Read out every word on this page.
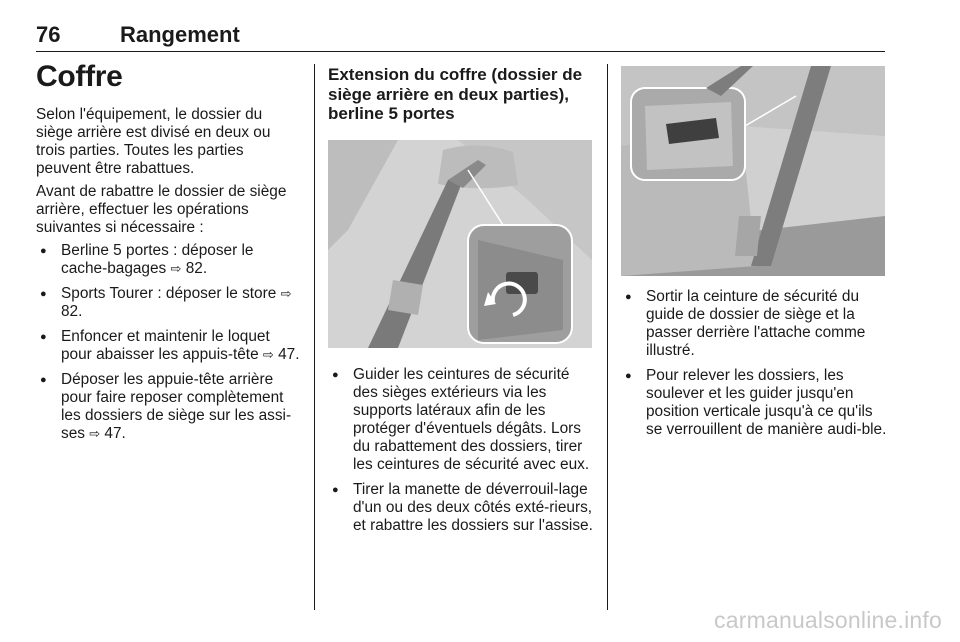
76	Rangement
Coffre

Selon l'équipement, le dossier du siège arrière est divisé en deux ou trois parties. Toutes les parties peuvent être rabattues.

Avant de rabattre le dossier de siège arrière, effectuer les opérations suivantes si nécessaire :

● Berline 5 portes : déposer le cache-bagages ⇨ 82.
● Sports Tourer : déposer le store ⇨ 82.
● Enfoncer et maintenir le loquet pour abaisser les appuis-tête ⇨ 47.
● Déposer les appuie-tête arrière pour faire reposer complètement les dossiers de siège sur les assi-ses ⇨ 47.
Extension du coffre (dossier de siège arrière en deux parties), berline 5 portes
● Guider les ceintures de sécurité des sièges extérieurs via les supports latéraux afin de les protéger d'éventuels dégâts. Lors du rabattement des dossiers, tirer les ceintures de sécurité avec eux.
● Tirer la manette de déverrouil-lage d'un ou des deux côtés exté-rieurs, et rabattre les dossiers sur l'assise.
● Sortir la ceinture de sécurité du guide de dossier de siège et la passer derrière l'attache comme illustré.
● Pour relever les dossiers, les soulever et les guider jusqu'en position verticale jusqu'à ce qu'ils se verrouillent de manière audi-ble.
carmanualsonline.info
